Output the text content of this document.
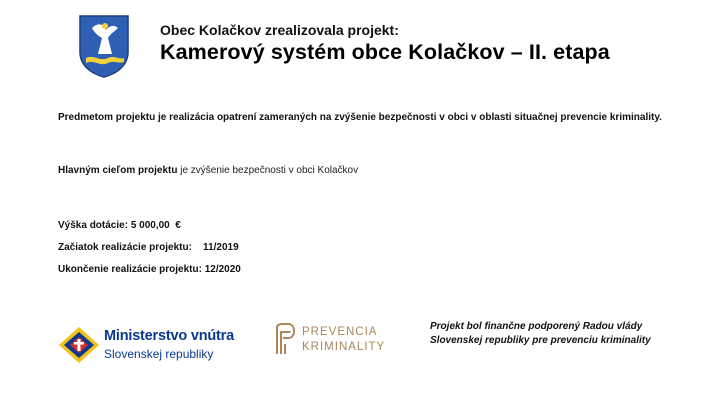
Obec Kolačkov zrealizovala projekt:
Kamerový systém obce Kolačkov – II. etapa
Predmetom projektu je realizácia opatrení zameraných na zvýšenie bezpečnosti v obci v oblasti situačnej prevencie kriminality.
Hlavným cieľom projektu je zvýšenie bezpečnosti v obci Kolačkov
Výška dotácie: 5 000,00  €
Začiatok realizácie projektu:    11/2019
Ukončenie realizácie projektu: 12/2020
Ministerstvo vnútra
Slovenskej republiky
PREVENCIA
KRIMINALITY
Projekt bol finančne podporený Radou vlády Slovenskej republiky pre prevenciu kriminality
